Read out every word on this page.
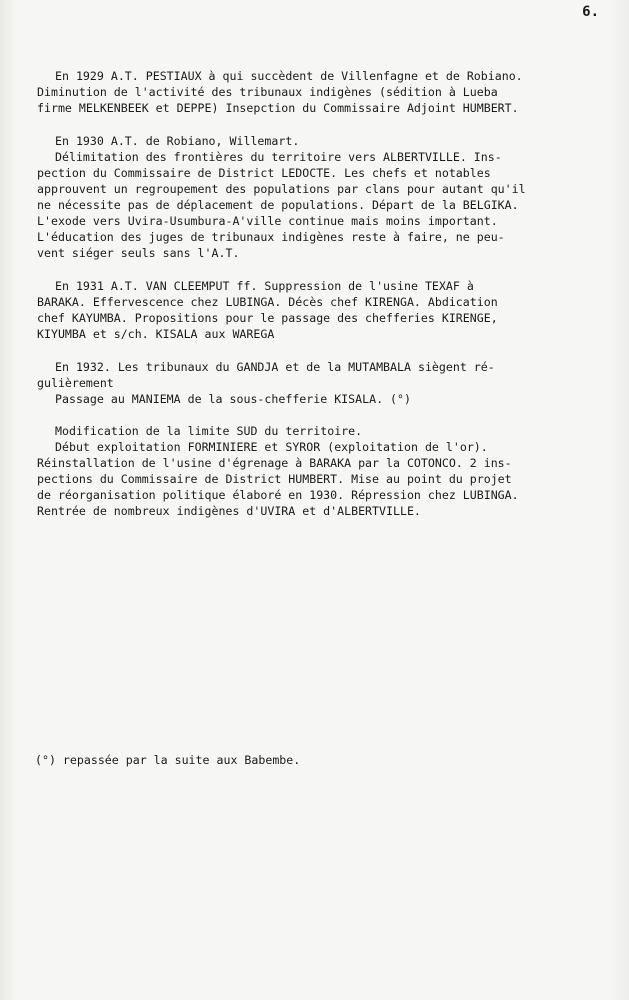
6.
En 1929 A.T. PESTIAUX à qui succèdent de Villenfagne et de Robiano.
Diminution de l'activité des tribunaux indigènes (sédition à Lueba
firme MELKENBEEK et DEPPE) Insepction du Commissaire Adjoint HUMBERT.
En 1930 A.T. de Robiano, Willemart.
Délimitation des frontières du territoire vers ALBERTVILLE. Ins-
pection du Commissaire de District LEDOCTE. Les chefs et notables
approuvent un regroupement des populations par clans pour autant qu'il
ne nécessite pas de déplacement de populations. Départ de la BELGIKA.
L'exode vers Uvira-Usumbura-A'ville continue mais moins important.
L'éducation des juges de tribunaux indigènes reste à faire, ne peu-
vent siéger seuls sans l'A.T.
En 1931 A.T. VAN CLEEMPUT ff. Suppression de l'usine TEXAF à
BARAKA. Effervescence chez LUBINGA. Décès chef KIRENGA. Abdication
chef KAYUMBA. Propositions pour le passage des chefferies KIRENGE,
KIYUMBA et s/ch. KISALA aux WAREGA
En 1932. Les tribunaux du GANDJA et de la MUTAMBALA siègent ré-
gulièrement
Passage au MANIEMA de la sous-chefferie KISALA. (°)
Modification de la limite SUD du territoire.
Début exploitation FORMINIERE et SYROR (exploitation de l'or).
Réinstallation de l'usine d'égrenage à BARAKA par la COTONCO. 2 ins-
pections du Commissaire de District HUMBERT. Mise au point du projet
de réorganisation politique élaboré en 1930. Répression chez LUBINGA.
Rentrée de nombreux indigènes d'UVIRA et d'ALBERTVILLE.
(°) repassée par la suite aux Babembe.
